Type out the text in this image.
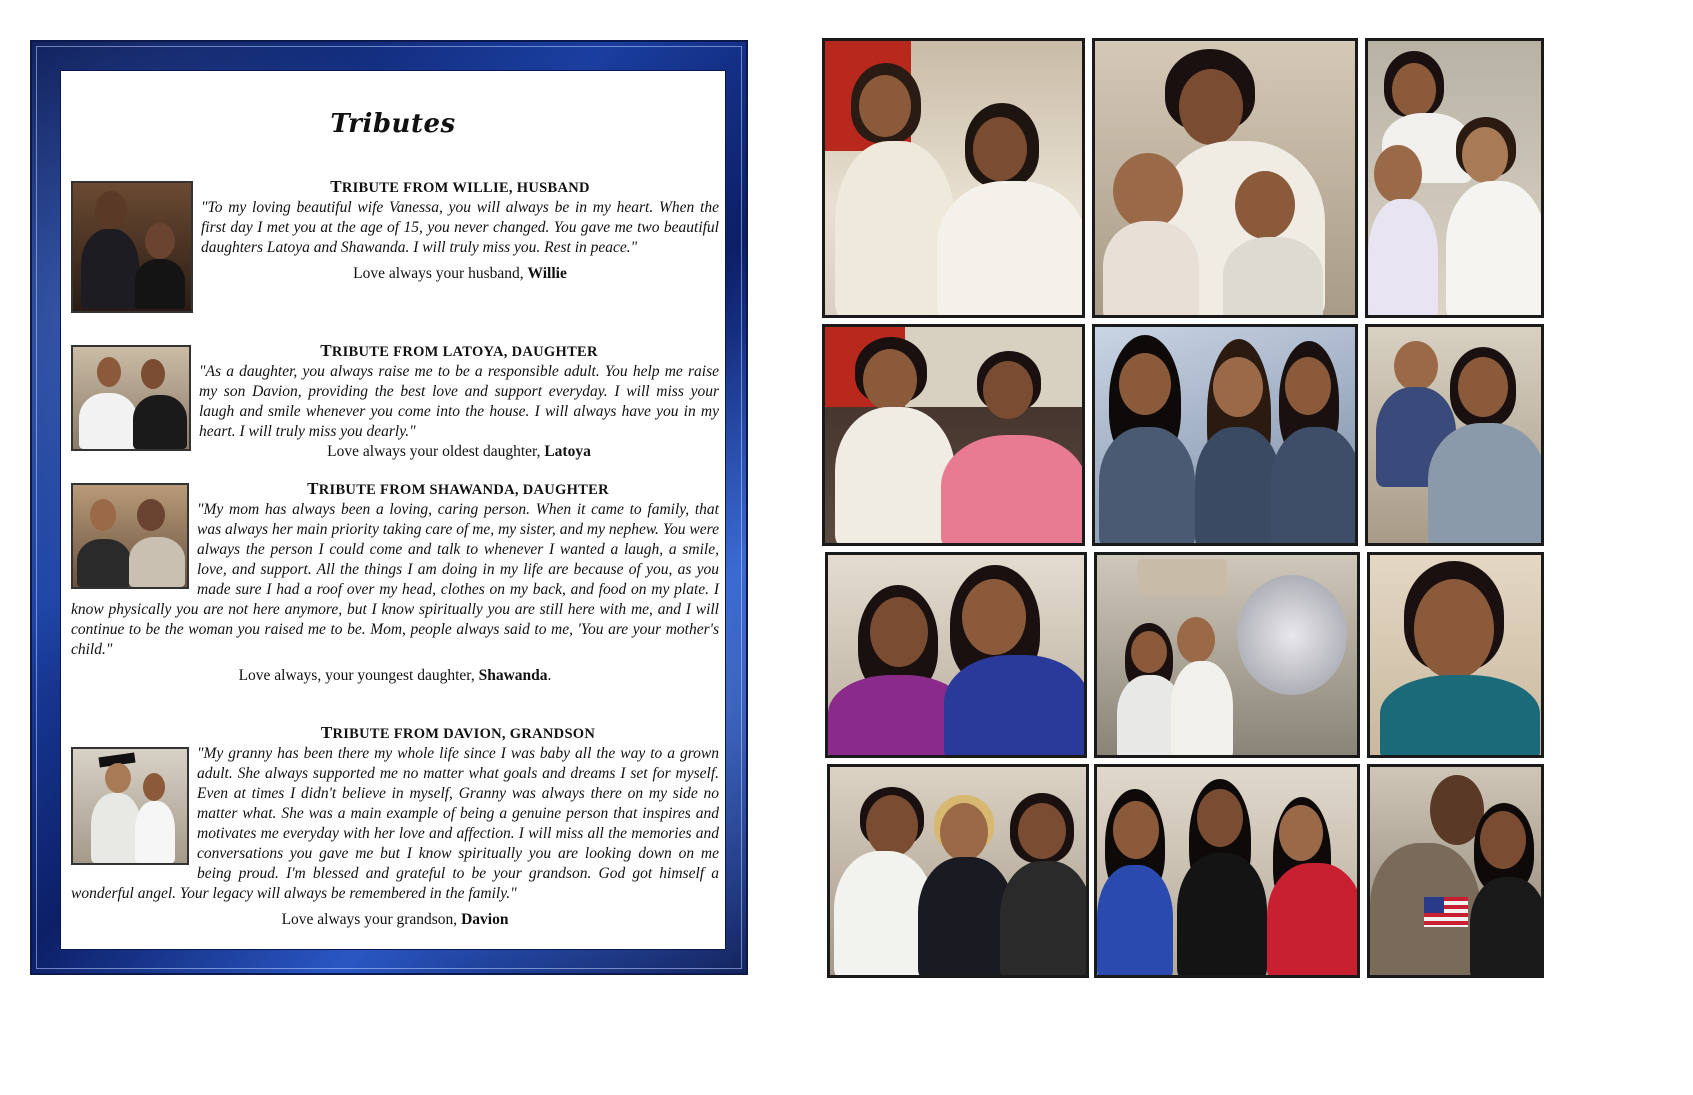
Tributes
TRIBUTE FROM WILLIE, HUSBAND
"To my loving beautiful wife Vanessa, you will always be in my heart. When the first day I met you at the age of 15, you never changed. You gave me two beautiful daughters Latoya and Shawanda. I will truly miss you. Rest in peace."
Love always your husband, Willie
TRIBUTE FROM LATOYA, DAUGHTER
"As a daughter, you always raise me to be a responsible adult. You help me raise my son Davion, providing the best love and support everyday. I will miss your laugh and smile whenever you come into the house. I will always have you in my heart. I will truly miss you dearly."
Love always your oldest daughter, Latoya
TRIBUTE FROM SHAWANDA, DAUGHTER
"My mom has always been a loving, caring person. When it came to family, that was always her main priority taking care of me, my sister, and my nephew. You were always the person I could come and talk to whenever I wanted a laugh, a smile, love, and support. All the things I am doing in my life are because of you, as you made sure I had a roof over my head, clothes on my back, and food on my plate. I know physically you are not here anymore, but I know spiritually you are still here with me, and I will continue to be the woman you raised me to be. Mom, people always said to me, 'You are your mother's child."
Love always, your youngest daughter, Shawanda.
TRIBUTE FROM DAVION, GRANDSON
"My granny has been there my whole life since I was baby all the way to a grown adult. She always supported me no matter what goals and dreams I set for myself. Even at times I didn't believe in myself, Granny was always there on my side no matter what. She was a main example of being a genuine person that inspires and motivates me everyday with her love and affection. I will miss all the memories and conversations you gave me but I know spiritually you are looking down on me being proud. I'm blessed and grateful to be your grandson. God got himself a wonderful angel. Your legacy will always be remembered in the family."
Love always your grandson, Davion
